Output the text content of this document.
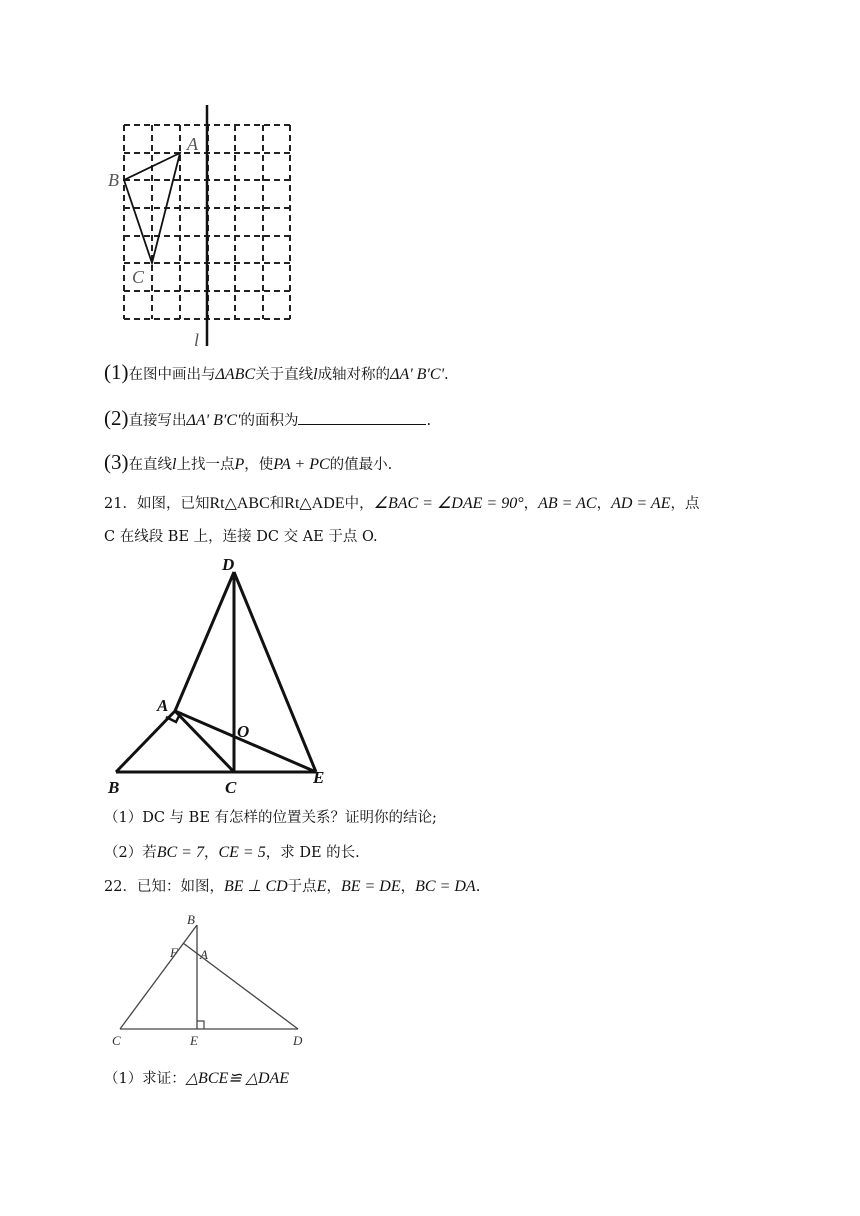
A
B
C
l
(1)在图中画出与ΔABC关于直线l成轴对称的ΔA' B′C'.
(2)直接写出ΔA' B′C'的面积为	.
(3)在直线l上找一点P，使PA + PC的值最小.
21．如图，已知Rt△ABC和Rt△ADE中，∠BAC = ∠DAE = 90°，AB = AC，AD = AE，点
C 在线段 BE 上，连接 DC 交 AE 于点 O.
D
A
O
B	C
E
（1）DC 与 BE 有怎样的位置关系？证明你的结论;
（2）若BC = 7，CE = 5，求 DE 的长.
22．已知：如图，BE ⊥ CD于点E，BE = DE，BC = DA.
B
F A
C	E	D
（1）求证：△BCE≌ △DAE
